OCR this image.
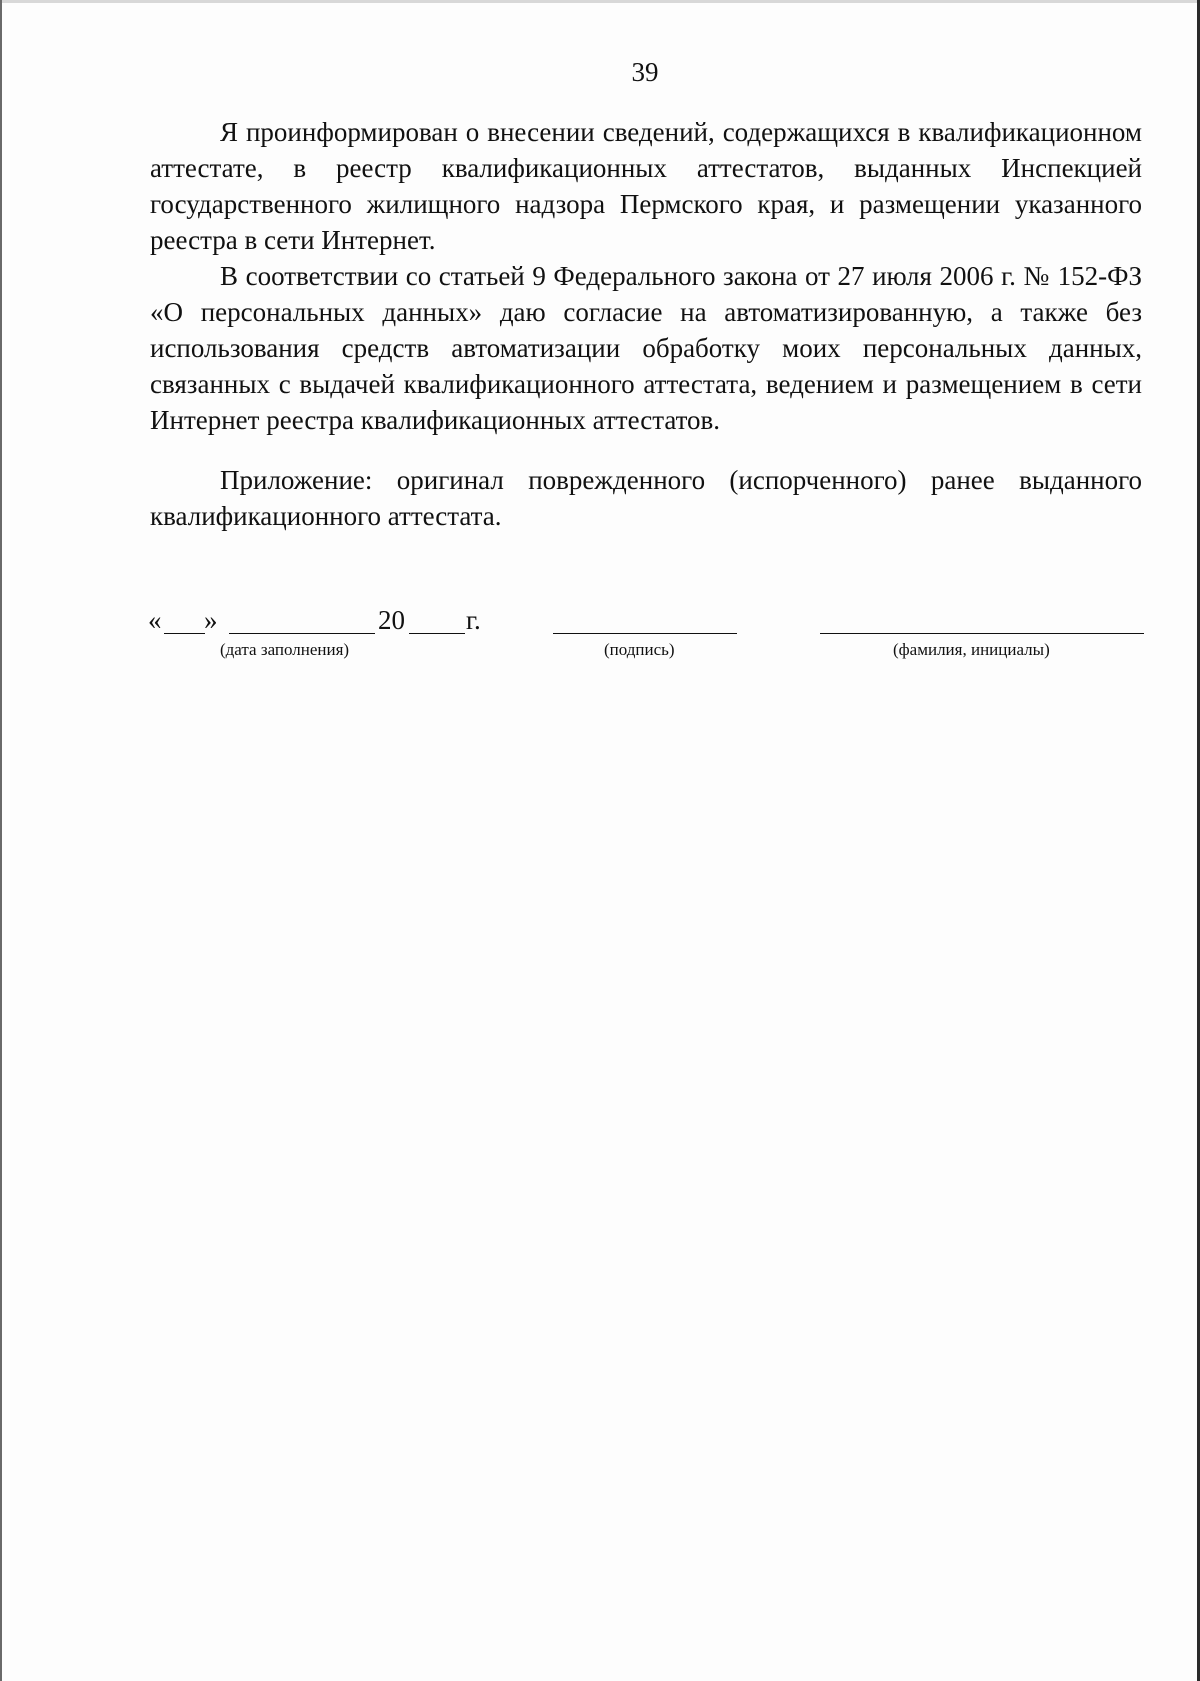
39

Я проинформирован о внесении сведений, содержащихся в квалификационном аттестате, в реестр квалификационных аттестатов, выданных Инспекцией государственного жилищного надзора Пермского края, и размещении указанного реестра в сети Интернет.

В соответствии со статьей 9 Федерального закона от 27 июля 2006 г. № 152-ФЗ «О персональных данных» даю согласие на автоматизированную, а также без использования средств автоматизации обработку моих персональных данных, связанных с выдачей квалификационного аттестата, ведением и размещением в сети Интернет реестра квалификационных аттестатов.

Приложение: оригинал поврежденного (испорченного) ранее выданного квалификационного аттестата.

« »	20 г.
(дата заполнения)	(подпись)	(фамилия, инициалы)
